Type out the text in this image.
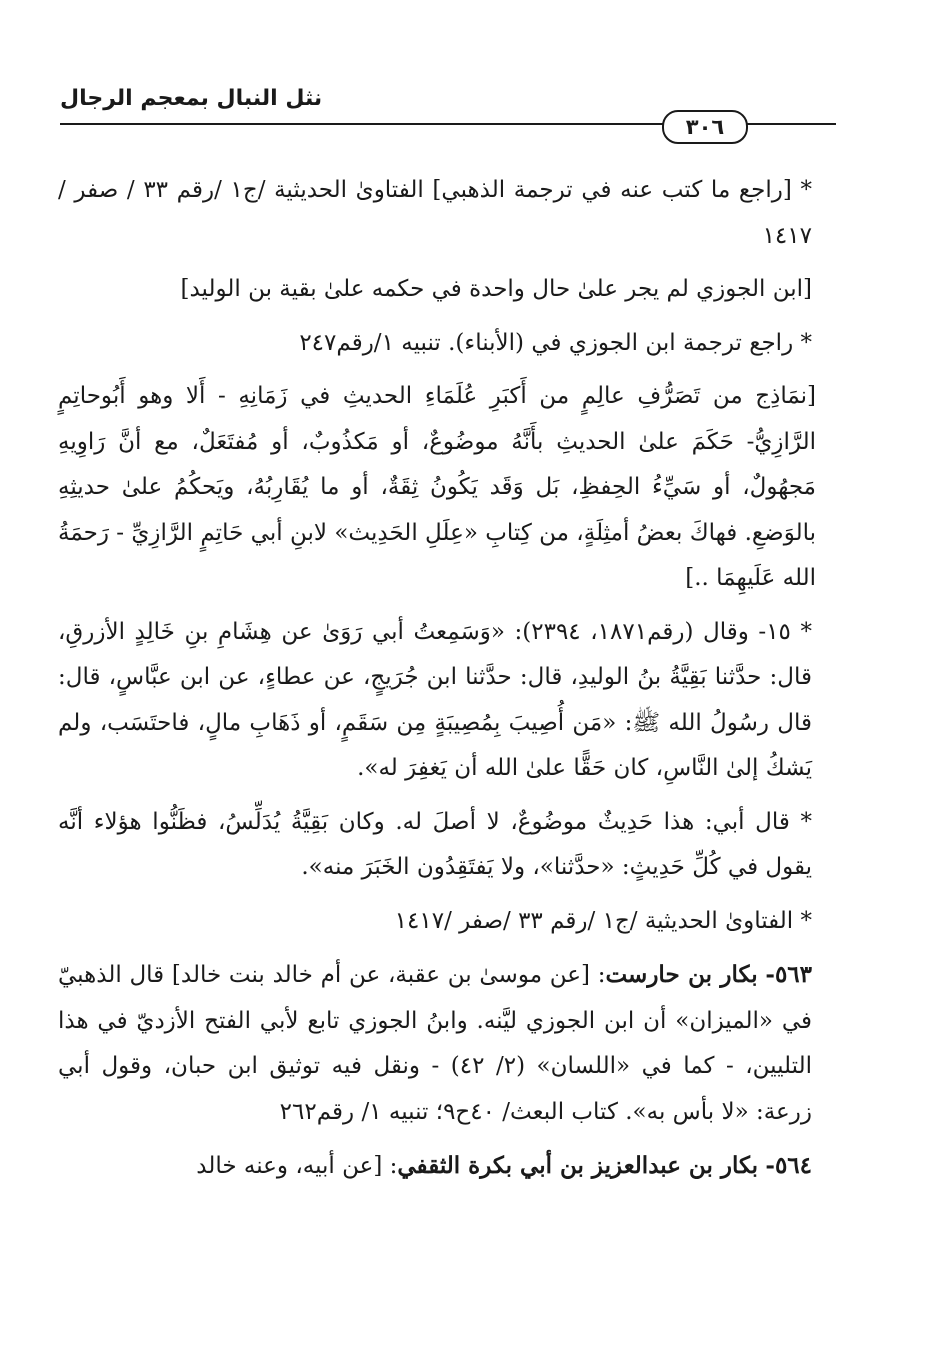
نثل النبال بمعجم الرجال
٣٠٦

* [راجع ما كتب عنه في ترجمة الذهبي] الفتاوىٰ الحديثية /ج١ /رقم ٣٣ / صفر /١٤١٧

[ابن الجوزي لم يجر علىٰ حال واحدة في حكمه علىٰ بقية بن الوليد]

* راجع ترجمة ابن الجوزي في (الأبناء). تنبيه ١/رقم٢٤٧

[نمَاذِج من تَصَرُّفِ عالِمٍ من أَكبَرِ عُلَمَاءِ الحديثِ في زَمَانِهِ - أَلا وهو أَبُوحاتِمٍ الرَّازِيُّ- حَكَمَ علىٰ الحديثِ بأَنَّهُ موضُوعٌ، أو مَكذُوبٌ، أو مُفتَعَلٌ، مع أنَّ رَاوِيهِ مَجهُولٌ، أو سَيِّءُ الحِفظِ، بَل وَقَد يَكُونُ ثِقَةٌ، أو ما يُقَارِبُهُ، ويَحكُمُ علىٰ حديثِهِ بالوَضعِ. فهاكَ بعضُ أمثِلَةٍ، من كِتابِ «عِلَلِ الحَدِيث» لابنِ أبي حَاتِمٍ الرَّازِيِّ - رَحمَةُ الله عَلَيهِمَا ..]

* ١٥- وقال (رقم١٨٧١، ٢٣٩٤): «وَسَمِعتُ أبي رَوَىٰ عن هِشَامِ بنِ خَالِدٍ الأزرقِ، قال: حدَّثنا بَقِيَّةُ بنُ الوليدِ، قال: حدَّثنا ابن جُرَيجٍ، عن عطاءٍ، عن ابن عبَّاسٍ، قال: قال رسُولُ الله ﷺ: «مَن أُصِيبَ بِمُصِيبَةٍ مِن سَقَمٍ، أو ذَهَابِ مالٍ، فاحتَسَب، ولم يَشكُ إلىٰ النَّاسِ، كان حَقًّا علىٰ الله أن يَغفِرَ له».

* قال أبي: هذا حَدِيثٌ موضُوعٌ، لا أصلَ له. وكان بَقِيَّةُ يُدَلِّسُ، فظَنُّوا هؤلاء أنَّه يقول في كُلِّ حَدِيثٍ: «حدَّثنا»، ولا يَفتَقِدُون الخَبَرَ منه».

* الفتاوىٰ الحديثية /ج١ /رقم ٣٣ /صفر /١٤١٧

٥٦٣- بكار بن حارست: [عن موسىٰ بن عقبة، عن أم خالد بنت خالد] قال الذهبيّ في «الميزان» أن ابن الجوزي ليَّنه. وابنُ الجوزي تابع لأبي الفتح الأزديّ في هذا التليين، - كما في «اللسان» (٢/ ٤٢) - ونقل فيه توثيق ابن حبان، وقول أبي زرعة: «لا بأس به». كتاب البعث/ ٤٠ح٩؛ تنبيه ١/ رقم٢٦٢

٥٦٤- بكار بن عبدالعزيز بن أبي بكرة الثقفي: [عن أبيه، وعنه خالد
